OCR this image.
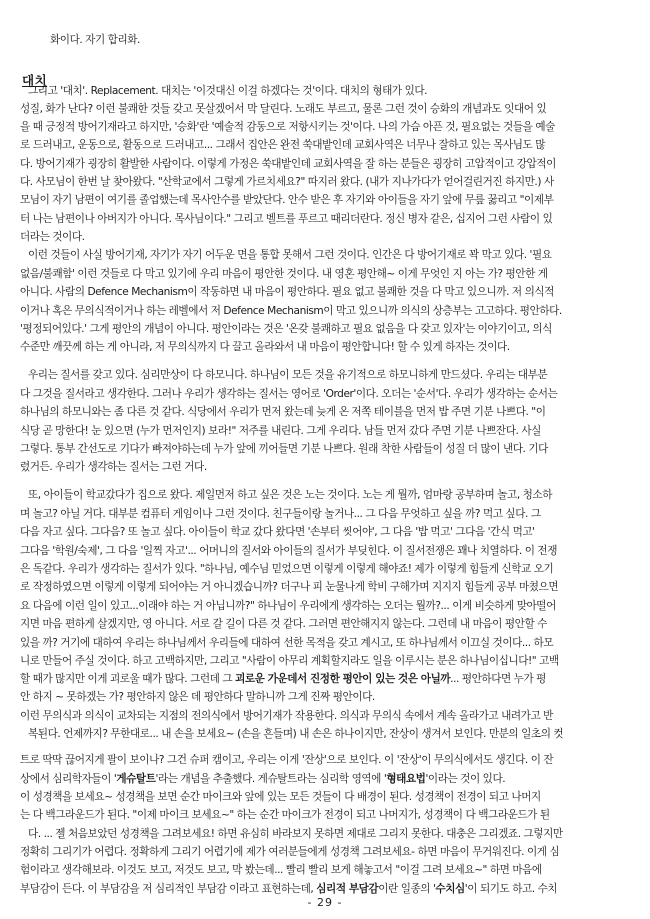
화이다. 자기 합리화.
대치
그리고 '대치'. Replacement. 대치는 '이것대신 이걸 하겠다는 것'이다. 대치의 형태가 있다.
성질, 화가 난다? 이런 불쾌한 것들 갖고 못살겠어서 막 달린다. 노래도 부르고, 물론 그런 것이 승화의 개념과도 잇대어 있
을 때 긍정적 방어기재라고 하지만, '승화'란 '예술적 감동으로 저항시키는 것'이다. 나의 가슴 아픈 것, 필요없는 것들을 예술
로 드러내고, 운동으로, 활동으로 드러내고... 그래서 집안은 완전 쑥대밭인데 교회사역은 너무나 잘하고 있는 목사님도 많
다. 방어기재가 굉장히 활발한 사람이다. 이렇게 가정은 쑥대밭인데 교회사역을 잘 하는 분들은 굉장히 고압적이고 강압적이
다. 사모님이 한번 날 찾아왔다. "산학교에서 그렇게 가르치세요?" 따지러 왔다. (내가 지나가다가 얻어걸린거진 하지만.) 사
모님이 자기 남편이 여기를 졸업했는데 목사안수를 받았단다. 안수 받은 후 자기와 아이들을 자기 앞에 무릎 꿇리고 "이제부
터 나는 남편이나 아버지가 아니다. 목사님이다." 그리고 벨트를 푸르고 때리더란다. 정신 병자 같은, 십지어 그런 사람이 있
더라는 것이다.
이런 것들이 사실 방어기재, 자기가 자기 어두운 면을 통합 못해서 그런 것이다. 인간은 다 방어기재로 꽉 막고 있다. '필요
없음/불쾌함' 이런 것들로 다 막고 있기에 우리 마음이 평안한 것이다. 내 영혼 평안해~ 이게 무엇인 지 아는 가? 평안한 게
아니다. 사람의 Defence Mechanism이 작동하면 내 마음이 평안하다. 필요 없고 불쾌한 것을 다 막고 있으니까. 저 의식적
이거나 혹은 무의식적이거나 하는 레벨에서 저 Defence Mechanism이 막고 있으니까 의식의 상층부는 고고하다. 평안하다.
'평정되어있다.' 그게 평안의 개념이 아니다. 평안이라는 것은 '온갖 불쾌하고 필요 없음을 다 갖고 있자'는 이야기이고, 의식
수준만 깨끗께 하는 게 아니라, 저 무의식까지 다 끌고 올라와서 내 마음이 평안합니다! 할 수 있게 하자는 것이다.
우리는 질서를 갖고 있다. 심리만상이 다 하모니다. 하나님이 모든 것을 유기적으로 하모니하게 만드셨다. 우리는 대부분
다 그것을 질서라고 생각한다. 그러나 우리가 생각하는 질서는 영어로 'Order'이다. 오더는 '순서'다. 우리가 생각하는 순서는
하나님의 하모니와는 좀 다른 것 같다. 식당에서 우리가 먼저 왔는데 늦게 온 저쪽 테이블을 먼저 밥 주면 기분 나쁘다. "이
식당 곧 망한다! 눈 있으면 (누가 먼저인지) 보라!" 저주를 내린다. 그게 우리다. 남들 먼저 갔다 주면 기분 나쁘잔다. 사실
그렇다. 통부 간선도로 기다가 빠져야하는데 누가 앞에 끼어들면 기분 나쁘다. 원래 착한 사람들이 성질 더 많이 낸다. 기다
렸거든. 우리가 생각하는 질서는 그런 거다.
또, 아이들이 학교갔다가 집으로 왔다. 제일먼저 하고 싶은 것은 노는 것이다. 노는 게 뭘까, 엄마랑 공부하며 놀고, 청소하
며 놀고? 아닐 거다. 대부분 컴퓨터 게임이나 그런 것이다. 친구들이랑 놀거나... 그 다음 무엇하고 싶을 까? 먹고 싶다. 그
다음 자고 싶다. 그다음? 또 놀고 싶다. 아이들이 학교 갔다 왔다면 '손부터 씻어야', 그 다음 '밥 먹고' 그다음 '간식 먹고'
그다음 '학원/숙제', 그 다음 '일찍 자고'... 어머니의 질서와 아이들의 질서가 부딪힌다. 이 질서전쟁은 꽤나 치열하다. 이 전쟁
은 독같다. 우리가 생각하는 질서가 있다. "하나님, 예수님 믿었으면 이렇게 이렇게 해야죠! 제가 이렇게 힘들게 신학교 오기
로 작정하였으면 이렇게 이렇게 되어야는 거 아니겠습니까? 더구나 피 눈물나게 학비 구해가며 지지지 힘들게 공부 마쳤으면
요 다음에 이런 일이 있고...이래야 하는 거 아닙니까?" 하나님이 우리에게 생각하는 오더는 뭘까?... 이게 비슷하게 맞아떨어
지면 마음 편하게 살겠지만, 영 아니다. 서로 갈 길이 다른 것 같다. 그러면 편안해지지 않는다. 그런데 내 마음이 평안할 수
있을 까? 거기에 대하여 우리는 하나님께서 우리들에 대하여 선한 목적을 갖고 계시고, 또 하나님께서 이끄실 것이다... 하모
니로 만들어 주실 것이다. 하고 고백하지만, 그리고 "사람이 아무리 계획할지라도 일을 이루시는 분은 하나님이십니다!" 고백
할 때가 많지만 이게 괴로울 때가 많다. 그런데 그 괴로운 가운데서 진정한 평안이 있는 것은 아닐까... 평안하다면 누가 평
안 하지 ~ 못하겠는 가? 평안하지 않은 데 평안하다 말하니까 그게 진짜 평안이다.
이런 무의식과 의식이 교차되는 지점의 전의식에서 방어기재가 작용한다. 의식과 무의식 속에서 계속 올라가고 내려가고 반
복된다. 언제까지? 무한대로... 내 손을 보세요~ (손을 흔들며) 내 손은 하나이지만, 잔상이 생겨서 보인다. 만분의 일초의 컷
트로 딱딱 끊어지게 팔이 보이나? 그건 슈퍼 캠이고, 우리는 이게 '잔상'으로 보인다. 이 '잔상'이 무의식에서도 생긴다. 이 잔
상에서 심리학자들이 '게슈탈트'라는 개념을 추출했다. 게슈탈트라는 심리학 영역에 '형태요법'이라는 것이 있다.
이 성경책을 보세요~ 성경책을 보면 순간 마이크와 앞에 있는 모든 것들이 다 배경이 된다. 성경책이 전경이 되고 나머지
는 다 백그라운드가 된다. "이제 마이크 보세요~" 하는 순간 마이크가 전경이 되고 나머지가, 성경책이 다 백그라운드가 된
다. ... 젤 처음보았던 성경책을 그려보세요! 하면 유심히 바라보지 못하면 제대로 그리지 못한다. 대충은 그리겠죠. 그렇지만
정확히 그리기가 어렵다. 정확하게 그리기 어렵기에 제가 여러분들에게 성경책 그려보세요- 하면 마음이 무거워진다. 이게 심
험이라고 생각해보라. 이것도 보고, 저것도 보고, 막 봤는데... 빨리 빨리 보게 해놓고서 "이걸 그려 보세요~" 하면 마음에
부담감이 든다. 이 부담감을 저 심리적인 부담감 이라고 표현하는데, 심리적 부담감이란 일종의 '수치심'이 되기도 하고. 수치
- 29 -
